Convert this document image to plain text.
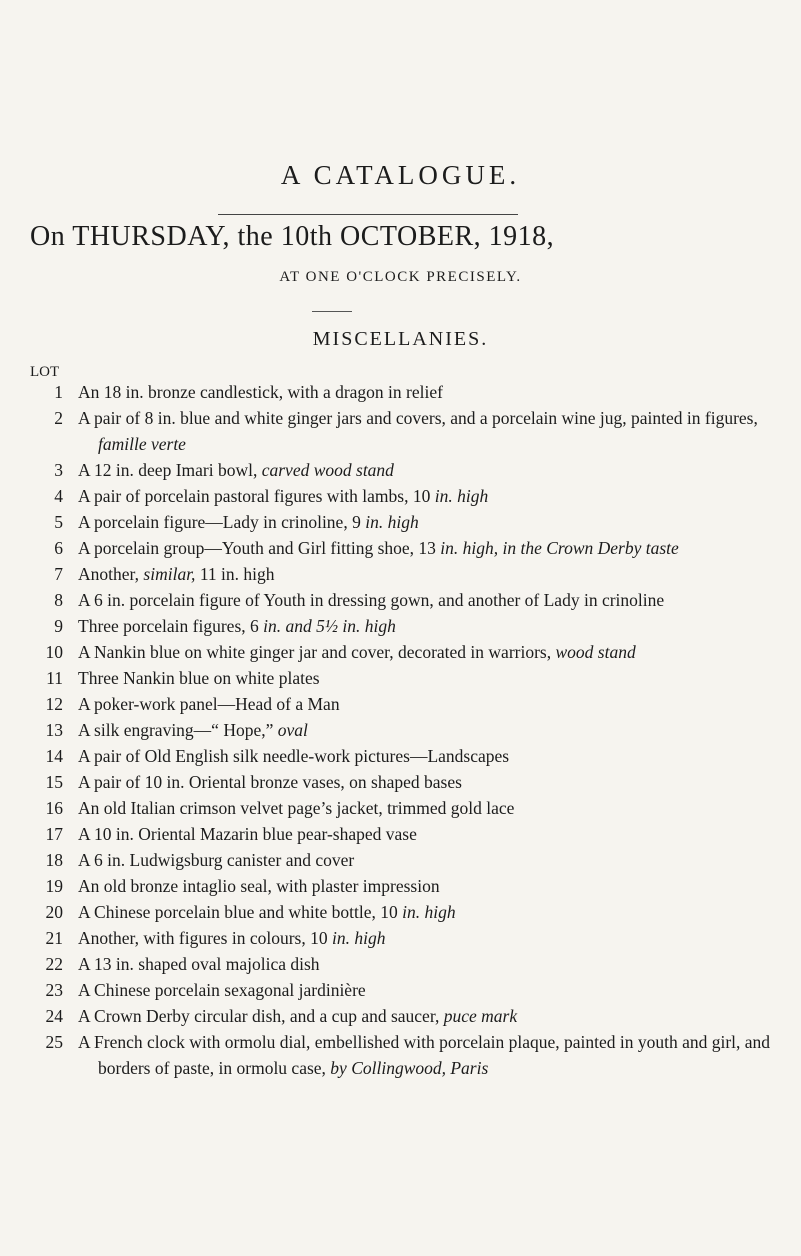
A CATALOGUE.
On THURSDAY, the 10th OCTOBER, 1918,
AT ONE O'CLOCK PRECISELY.
MISCELLANIES.
LOT
1 An 18 in. bronze candlestick, with a dragon in relief
2 A pair of 8 in. blue and white ginger jars and covers, and a porcelain wine jug, painted in figures, famille verte
3 A 12 in. deep Imari bowl, carved wood stand
4 A pair of porcelain pastoral figures with lambs, 10 in. high
5 A porcelain figure—Lady in crinoline, 9 in. high
6 A porcelain group—Youth and Girl fitting shoe, 13 in. high, in the Crown Derby taste
7 Another, similar, 11 in. high
8 A 6 in. porcelain figure of Youth in dressing gown, and another of Lady in crinoline
9 Three porcelain figures, 6 in. and 5½ in. high
10 A Nankin blue on white ginger jar and cover, decorated in warriors, wood stand
11 Three Nankin blue on white plates
12 A poker-work panel—Head of a Man
13 A silk engraving—“ Hope,” oval
14 A pair of Old English silk needle-work pictures—Landscapes
15 A pair of 10 in. Oriental bronze vases, on shaped bases
16 An old Italian crimson velvet page’s jacket, trimmed gold lace
17 A 10 in. Oriental Mazarin blue pear-shaped vase
18 A 6 in. Ludwigsburg canister and cover
19 An old bronze intaglio seal, with plaster impression
20 A Chinese porcelain blue and white bottle, 10 in. high
21 Another, with figures in colours, 10 in. high
22 A 13 in. shaped oval majolica dish
23 A Chinese porcelain sexagonal jardinière
24 A Crown Derby circular dish, and a cup and saucer, puce mark
25 A French clock with ormolu dial, embellished with porcelain plaque, painted in youth and girl, and borders of paste, in ormolu case, by Collingwood, Paris
